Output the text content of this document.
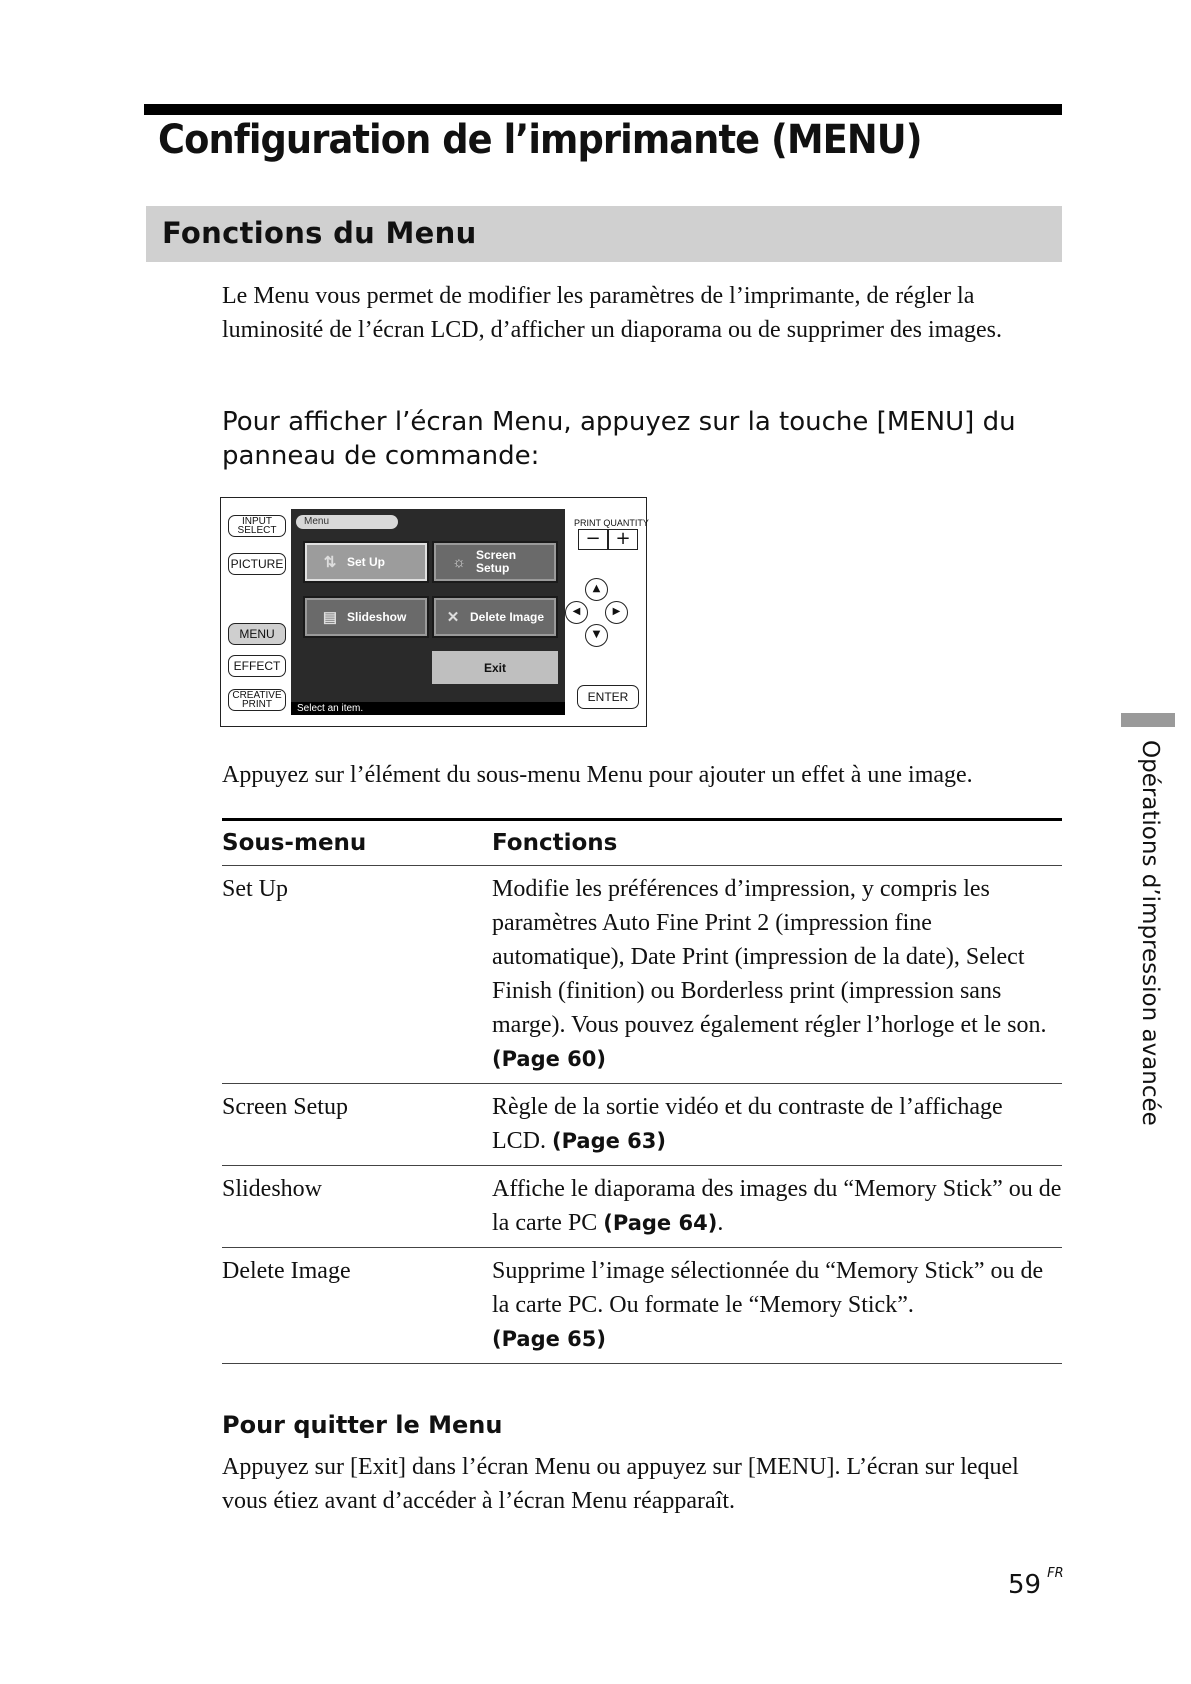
Configuration de l’imprimante (MENU)
Fonctions du Menu

Le Menu vous permet de modifier les paramètres de l’imprimante, de régler la luminosité de l’écran LCD, d’afficher un diaporama ou de supprimer des images.

Pour afficher l’écran Menu, appuyez sur la touche [MENU] du panneau de commande:

INPUT SELECT
PICTURE
MENU
EFFECT
CREATIVE PRINT
Menu
⇅ Set Up	☼ Screen Setup
▤ Slideshow	✕ Delete Image
Exit
Select an item.
PRINT QUANTITY
− +
▲
◀	▶
▼
ENTER

Appuyez sur l’élément du sous-menu Menu pour ajouter un effet à une image.

Sous-menu	Fonctions
Set Up	Modifie les préférences d’impression, y compris les paramètres Auto Fine Print 2 (impression fine automatique), Date Print (impression de la date), Select Finish (finition) ou Borderless print (impression sans marge). Vous pouvez également régler l’horloge et le son. (Page 60)
Screen Setup	Règle de la sortie vidéo et du contraste de l’affichage LCD. (Page 63)
Slideshow	Affiche le diaporama des images du “Memory Stick” ou de la carte PC (Page 64).
Delete Image	Supprime l’image sélectionnée du “Memory Stick” ou de la carte PC. Ou formate le “Memory Stick”.
(Page 65)
Pour quitter le Menu

Appuyez sur [Exit] dans l’écran Menu ou appuyez sur [MENU]. L’écran sur lequel vous étiez avant d’accéder à l’écran Menu réapparaît.

Opérations d’impression avancée
59 $^{FR}$
